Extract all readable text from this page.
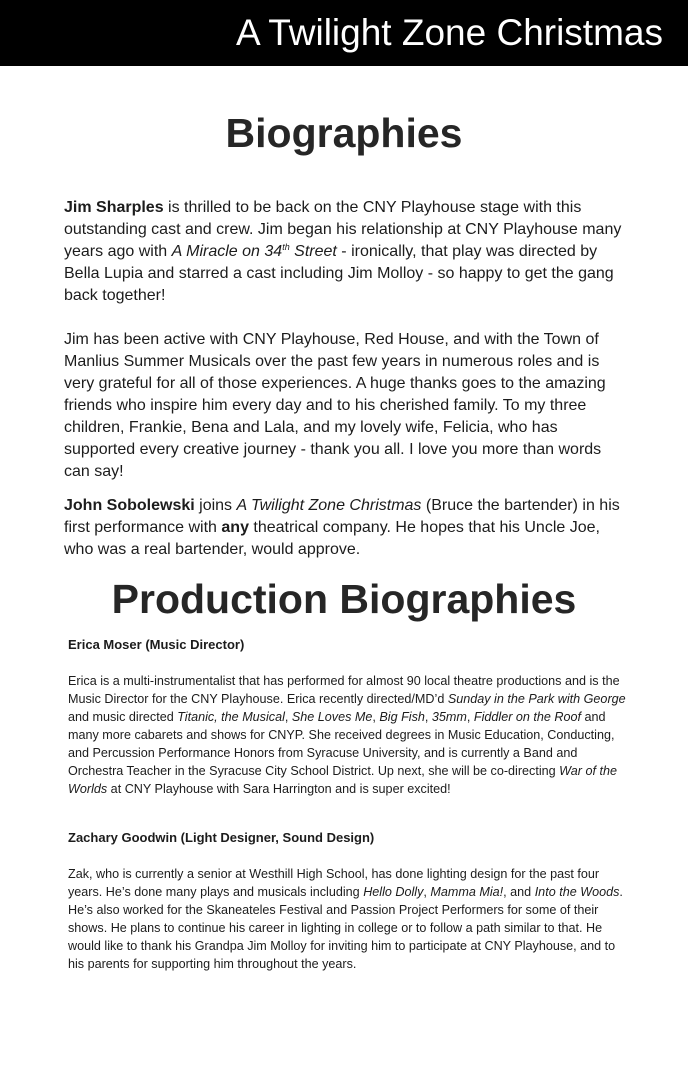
A Twilight Zone Christmas
Biographies

Jim Sharples is thrilled to be back on the CNY Playhouse stage with this outstanding cast and crew. Jim began his relationship at CNY Playhouse many years ago with A Miracle on 34th Street - ironically, that play was directed by Bella Lupia and starred a cast including Jim Molloy - so happy to get the gang back together!

Jim has been active with CNY Playhouse, Red House, and with the Town of Manlius Summer Musicals over the past few years in numerous roles and is very grateful for all of those experiences. A huge thanks goes to the amazing friends who inspire him every day and to his cherished family. To my three children, Frankie, Bena and Lala, and my lovely wife, Felicia, who has supported every creative journey - thank you all. I love you more than words can say!

John Sobolewski joins A Twilight Zone Christmas (Bruce the bartender) in his first performance with any theatrical company. He hopes that his Uncle Joe, who was a real bartender, would approve.

Production Biographies

Erica Moser (Music Director)

Erica is a multi-instrumentalist that has performed for almost 90 local theatre productions and is the Music Director for the CNY Playhouse. Erica recently directed/MD’d Sunday in the Park with George and music directed Titanic, the Musical, She Loves Me, Big Fish, 35mm, Fiddler on the Roof and many more cabarets and shows for CNYP. She received degrees in Music Education, Conducting, and Percussion Performance Honors from Syracuse University, and is currently a Band and Orchestra Teacher in the Syracuse City School District. Up next, she will be co-directing War of the Worlds at CNY Playhouse with Sara Harrington and is super excited!

Zachary Goodwin (Light Designer, Sound Design)

Zak, who is currently a senior at Westhill High School, has done lighting design for the past four years. He’s done many plays and musicals including Hello Dolly, Mamma Mia!, and Into the Woods. He’s also worked for the Skaneateles Festival and Passion Project Performers for some of their shows. He plans to continue his career in lighting in college or to follow a path similar to that. He would like to thank his Grandpa Jim Molloy for inviting him to participate at CNY Playhouse, and to his parents for supporting him throughout the years.
